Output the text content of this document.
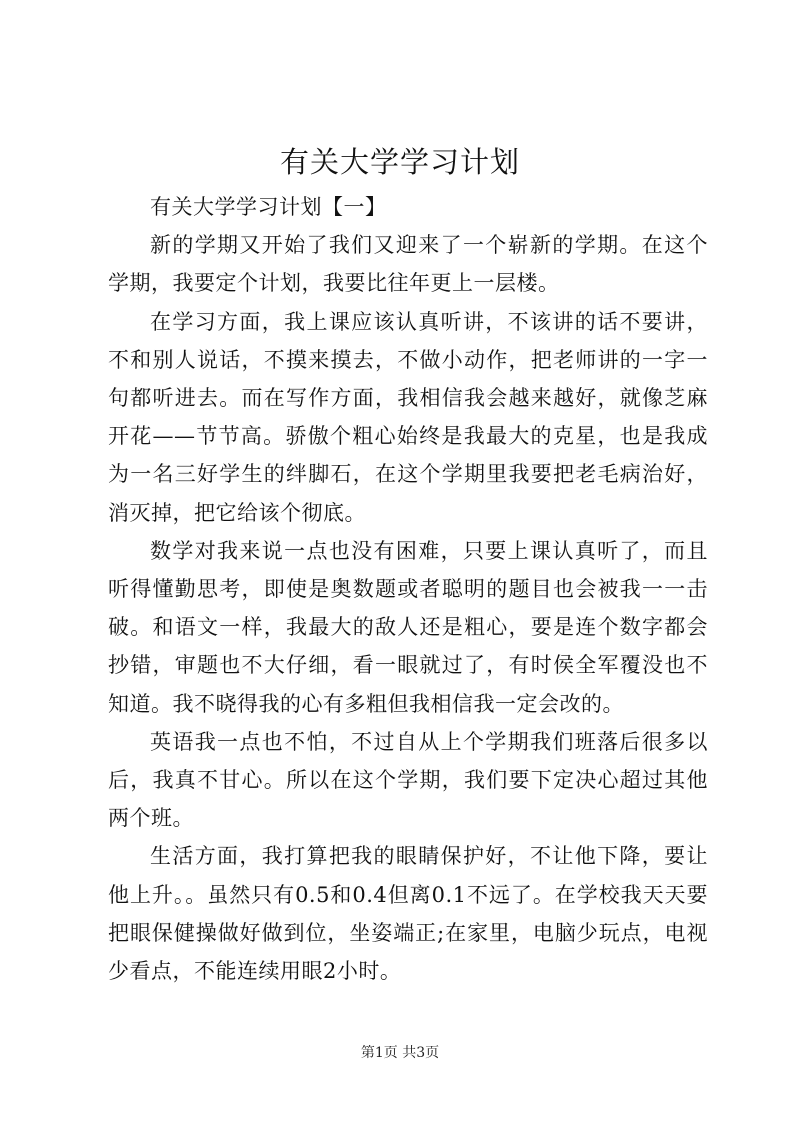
有关大学学习计划

有关大学学习计划【一】

新的学期又开始了我们又迎来了一个崭新的学期。在这个学期，我要定个计划，我要比往年更上一层楼。

在学习方面，我上课应该认真听讲，不该讲的话不要讲，不和别人说话，不摸来摸去，不做小动作，把老师讲的一字一句都听进去。而在写作方面，我相信我会越来越好，就像芝麻开花——节节高。骄傲个粗心始终是我最大的克星，也是我成为一名三好学生的绊脚石，在这个学期里我要把老毛病治好，消灭掉，把它给该个彻底。

数学对我来说一点也没有困难，只要上课认真听了，而且听得懂勤思考，即使是奥数题或者聪明的题目也会被我一一击破。和语文一样，我最大的敌人还是粗心，要是连个数字都会抄错，审题也不大仔细，看一眼就过了，有时侯全军覆没也不知道。我不晓得我的心有多粗但我相信我一定会改的。

英语我一点也不怕，不过自从上个学期我们班落后很多以后，我真不甘心。所以在这个学期，我们要下定决心超过其他两个班。

生活方面，我打算把我的眼睛保护好，不让他下降，要让他上升。。虽然只有0.5和0.4但离0.1不远了。在学校我天天要把眼保健操做好做到位，坐姿端正;在家里，电脑少玩点，电视少看点，不能连续用眼2小时。

第1页 共3页
